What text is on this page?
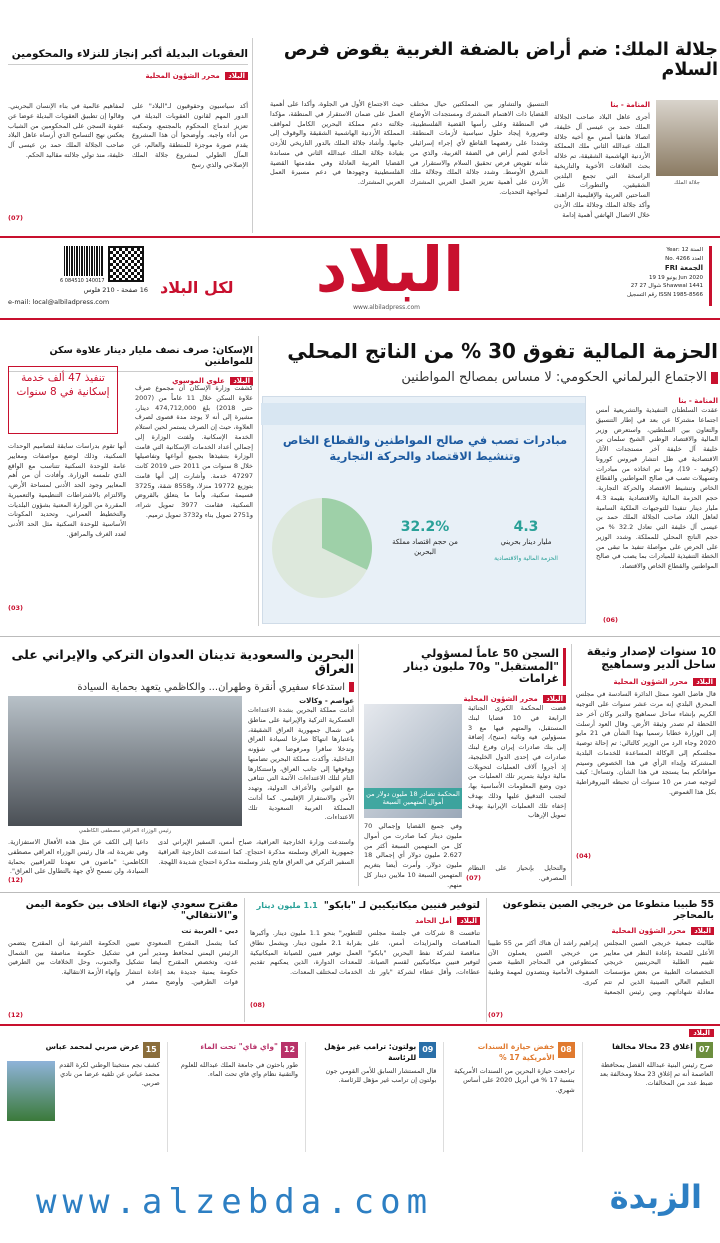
جلالة الملك: ضم أراض بالضفة الغربية يقوض فرص السلام
جلالة الملك
المنامة - بنا
أجرى عاهل البلاد صاحب الجلالة الملك حمد بن عيسى آل خليفة، اتصالا هاتفيا أمس مع أخيه جلالة الملك عبدالله الثاني ملك المملكة الأردنية الهاشمية الشقيقة، تم خلاله بحث العلاقات الأخوية والتاريخية الراسخة التي تجمع البلدين الشقيقين، والتطورات على الساحتين العربية والإقليمية الراهنة. وأكد جلالة الملك وجلالة ملك الأردن خلال الاتصال الهاتفي أهمية إدامة
التنسيق والتشاور بين المملكتين حيال مختلف القضايا ذات الاهتمام المشترك ومستجدات الأوضاع في المنطقة وعلى رأسها القضية الفلسطينية، وضرورة إيجاد حلول سياسية لأزمات المنطقة. وشددا على رفضهما القاطع لأي إجراء إسرائيلي أحادي لضم أراض في الضفة الغربية، والذي من شأنه تقويض فرص تحقيق السلام والاستقرار في الشرق الأوسط. وشدد جلالة الملك وجلالة ملك الأردن على أهمية تعزيز العمل العربي المشترك لمواجهة التحديات.
حيث الاجتماع الأول في الجلوة، وأكدا على أهمية العمل على ضمان الاستقرار في المنطقة، مؤكدا جلالته دعم مملكة البحرين الكامل لمواقف المملكة الأردنية الهاشمية الشقيقة والوقوف إلى جانبها. وأشاد جلالة الملك بالدور التاريخي للأردن بقيادة جلالة الملك عبدالله الثاني في مساندة القضايا العربية العادلة وفي مقدمتها القضية الفلسطينية وجهودها في دعم مسيرة العمل العربي المشترك.
العقوبات البديلة أكبر إنجاز للنزلاء والمحكومين
البلاد محرر الشؤون المحلية
أكد سياسيون وحقوقيون لـ"البلاد" على الدور المهم لقانون العقوبات البديلة في تعزيز اندماج المحكوم بالمجتمع، وتمكينه من أداء واجبه. وأوضحوا أن هذا المشروع يقدم صورة موجزة للمنطقة والعالم، عن المآل الطولي لمشروع جلالة الملك الإصلاحي والذي رسخ
لمفاهيم عالمية في بناء الإنسان البحريني. وقالوا إن تطبيق العقوبات البديلة عوضا عن عقوبة السجن على المحكومين من الشباب يعكس نهج التسامح الذي أرساه عاهل البلاد صاحب الجلالة الملك حمد بن عيسى آل خليفة، منذ تولي جلالته مقاليد الحكم.
(07)
Year: 12 السنة
No. 4266 العدد
FRI الجمعة
19 يونيو 19 Jun 2020
27 شوال 27 Shawwal 1441
رقم التسجيل ISSN 1985-8566
البلاد
www.albiladpress.com
لكل البلاد
6 084510 140017
16 صفحة - 210 فلوس
e-mail: local@albiladpress.com
الحزمة المالية تفوق 30 % من الناتج المحلي
الاجتماع البرلماني الحكومي: لا مساس بمصالح المواطنين
المنامة - بنا
عقدت السلطتان التنفيذية والتشريعية أمس اجتماعا مشتركا عن بعد في إطار التنسيق والتعاون بين السلطتين، واستعرض وزير المالية والاقتصاد الوطني الشيخ سلمان بن خليفة آل خليفة آخر مستجدات الآثار الاقتصادية في ظل انتشار فيروس كورونا (كوفيد - 19)، وما تم اتخاذه من مبادرات وتسهيلات تصب في صالح المواطنين والقطاع الخاص وتنشيط الاقتصاد والحركة التجارية. حجم الحزمة المالية والاقتصادية بقيمة 4.3 مليار دينار تنفيذا للتوجيهات الملكية السامية لعاهل البلاد صاحب الجلالة الملك حمد بن عيسى آل خليفة التي تعادل 32.2 % من حجم الناتج المحلي للمملكة. وشدد الوزير على الحرص على مواصلة تنفيذ ما تبقى من الخطة التنفيذية للمبادرات بما يصب في صالح المواطنين والقطاع الخاص والاقتصاد.
(06)
مبادرات تصب في صالح المواطنين والقطاع الخاص وتنشيط الاقتصاد والحركة التجارية
4.3
مليار دينار بحريني
الحزمة المالية والاقتصادية
32.2%
من حجم اقتصاد مملكة البحرين
الإسكان: صرف نصف مليار دينار علاوة سكن للمواطنين
البلاد علوي الموسوي
كشفت وزارة الإسكان أن مجموع صرف علاوة السكن خلال 11 عاماً من (2007 حتى 2018) بلغ 474,712,000 دينار، مشيرة إلى أنه لا يوجد مدة قصوى لصرف العلاوة، حيث إن الصرف يستمر لحين استلام الخدمة الإسكانية. ولفتت الوزارة إلى إجمالي أعداد الخدمات الإسكانية التي قامت الوزارة بتنفيذها بجميع أنواعها وتفاصيلها خلال 8 سنوات من 2011 حتى 2019 كانت 47297 خدمة. وأشارت إلى أنها قامت بتوزيع 19772 منزلا، و8558 شقة، و3725 قسيمة سكنية، وأما ما يتعلق بالقروض السكنية، فقامت 3977 تمويل شراء، و2751 تمويل بناء و3732 تمويل ترميم.
تنفيذ 47 ألف خدمة إسكانية في 8 سنوات
أنها تقوم بدراسات سابقة لتصاميم الوحدات السكنية، وذلك لوضع مواصفات ومعايير عامة للوحدة السكنية تتناسب مع الواقع الذي تلمسه الوزارة. وأفادت أن من أهم المعايير وجود الحد الأدنى لمساحة الأرض، والالتزام بالاشتراطات التنظيمية والتعميرية المقررة من الوزارة المعنية بشؤون البلديات والتخطيط العمراني، وتحديد المكونات الأساسية للوحدة السكنية مثل الحد الأدنى لعدد الغرف والمرافق.
(03)
10 سنوات لإصدار وثيقة ساحل الدير وسماهيج
البلاد محرر الشؤون المحلية
قال فاضل العود ممثل الدائرة السادسة في مجلس المحرق البلدي إنه مرت عشر سنوات على التوجيه الكريم بإنشاء ساحل سماهيج والدير وكان آخر حد اللحظة لم تصدر وثيقة الأرض. وقال العود أرسلت إلى الوزارة خطابا رسميا بهذا الشأن في 21 مايو 2020 وجاء الرد من الوزير كالتالي: تم إحالة توصية مجلسكم إلى الوكالة المساعدة للخدمات البلدية المشتركة وإبداء الرأي في هذا الخصوص وسيتم موافاتكم بما يستجد في هذا الشأن. وتساءل: كيف لتوجيه صدر من 10 سنوات أن تحبطه البيروقراطية بكل هذا الغموض.
(04)
السجن 50 عاماً لمسؤولي "المستقبل" و70 مليون دينار غرامات
البلاد محرر الشؤون المحلية
قضت المحكمة الكبرى الجنائية الرابعة في 10 قضايا لبنك المستقبل، والمتهم فيها مع 3 مسؤولين فيه ونائبه (منيح)، إضافة إلى بنك صادرات إيران وفرع لبنك صادرات في إحدى الدول الخليجية، إذ أجروا آلاف العمليات لتحويلات مالية دولية بتمرير تلك العمليات من دون وضع المعلومات الأساسية بها، لتجنب التدقيق عليها وذلك بهدف إخفاء تلك العمليات الإيرانية بهدف تمويل الإرهاب
والتحايل بإنحياز على النظام المصرفي.
المحكمة تصادر 18 مليون دولار من أموال المتهمين السبعة
وفي جميع القضايا وإجمالي 70 مليون دينار كما صادرت من أموال كل من المتهمين السبعة أكثر من 2.627 مليون دولار أي إجمالي 18 مليون دولار. وأمرت أيضا بتغريم المتهمين السبعة 10 ملايين دينار كل منهم.
(07)
البحرين والسعودية تدينان العدوان التركي والإيراني على العراق
استدعاء سفيري أنقرة وطهران... والكاظمي يتعهد بحماية السيادة
عواصم - وكالات
أدانت مملكة البحرين بشدة الاعتداءات العسكرية التركية والإيرانية على مناطق في شمال جمهورية العراق الشقيقة، باعتبارها انتهاكا صارخا لسيادة العراق وتدخلا سافرا ومرفوضا في شؤونه الداخلية. وأكدت مملكة البحرين تضامنها ووقوفها إلى جانب العراق، واستنكارها التام لتلك الاعتداءات الآثمة التي تتنافى مع القوانين والأعراف الدولية، وتهدد الأمن والاستقرار الإقليمي. كما أدانت المملكة العربية السعودية تلك الاعتداءات.
رئيس الوزراء العراقي مصطفى الكاظمي
واستدعت وزارة الخارجية العراقية، صباح أمس، السفير الإيراني لدى جمهورية العراق وسلمته مذكرة احتجاج. كما استدعت الخارجية العراقية السفير التركي في العراق فاتح يلدز وسلمته مذكرة احتجاج شديدة اللهجة.
داعيا إلى الكف عن مثل هذه الأفعال الاستفزازية. وفي تغريدة له، قال رئيس الوزراء العراقي مصطفى الكاظمي: "ماضون في تعهدنا للعراقيين بحماية السيادة، ولن نسمح لأي جهة بالتطاول على العراق".
(12)
55 طبيبا متطوعا من خريجي الصين يتطوعون بالمحاجر
البلاد محرر الشؤون المحلية
طالبت جمعية خريجي الصين المجلس الأعلى للصحة بإعادة النظر في معايير تقييم الطلبة البحرينيين خريجي التخصصات الطبية من بعض مؤسسات التعليم العالي الصينية الذين لم تتم معادلة شهاداتهم. وبين رئيس الجمعية إبراهيم راشد أن هناك أكثر من 55 طبيبا من خريجي الصين يعملون الآن كمتطوعين في المحاجر الطبية ضمن الصفوف الأمامية ويتصدون لمهمة وطنية كبرى.
(07)
لتوفير فنيين ميكانيكيين لـ "بابكو" 1.1 مليون دينار
البلاد أمل الحامد
تنافست 8 شركات في جلسة مجلس المناقصات والمزايدات أمس، على مناقصة لشركة نفط البحرين "بابكو" لتوفير فنيين ميكانيكيين لقسم الصيانة. عطاءات، وأقل عطاء لشركة "باور تك للتطوير" بنحو 1.1 مليون دينار. وأكبرها بقرابة 2.1 مليون دينار. ويشمل نطاق العمل توفير فنيين للصيانة الميكانيكية للمعدات الدوارة، الذين يمكنهم تقديم الخدمات لمختلف المعدات.
(08)
مقترح سعودي لإنهاء الخلاف بين حكومة اليمن و"الانتقالي"
دبي - العربية نت
كما يشمل المقترح السعودي تعيين الرئيس اليمني لمحافظ ومدير أمن في عدن، وتخصص المقترح أيضا تشكيل حكومة يمنية جديدة بعد إعادة انتشار قوات الطرفين. وأوضح مصدر في الحكومة الشرعية أن المقترح يتضمن تشكيل حكومة مناصفة بين الشمال والجنوب، وحل الخلافات بين الطرفين وإنهاء الأزمة الانتقالية.
(12)
البلاد
07
إغلاق 23 محالا مخالفا
صرح رئيس البنية عبدالله الفضل بمحافظة العاصمة أنه تم إغلاق 23 محلا ومخالفة بعد ضبط عدد من المخالفات.
08
خفض حيازة السندات الأمريكية 17 %
تراجعت حيازة البحرين من السندات الأمريكية بنسبة 17 % في أبريل 2020 على أساس شهري.
09
بولتون: ترامب غير مؤهل للرئاسة
قال المستشار السابق للأمن القومي جون بولتون إن ترامب غير مؤهل للرئاسة.
12
"واي فاي" تحت الماء
طور باحثون في جامعة الملك عبدالله للعلوم والتقنية نظام واي فاي تحت الماء.
15
عرض صربي لمحمد عباس
كشف نجم منتخبنا الوطني لكرة القدم محمد عباس عن تلقيه عرضا من نادي صربي.
www.alzebda.com	الزبدة
